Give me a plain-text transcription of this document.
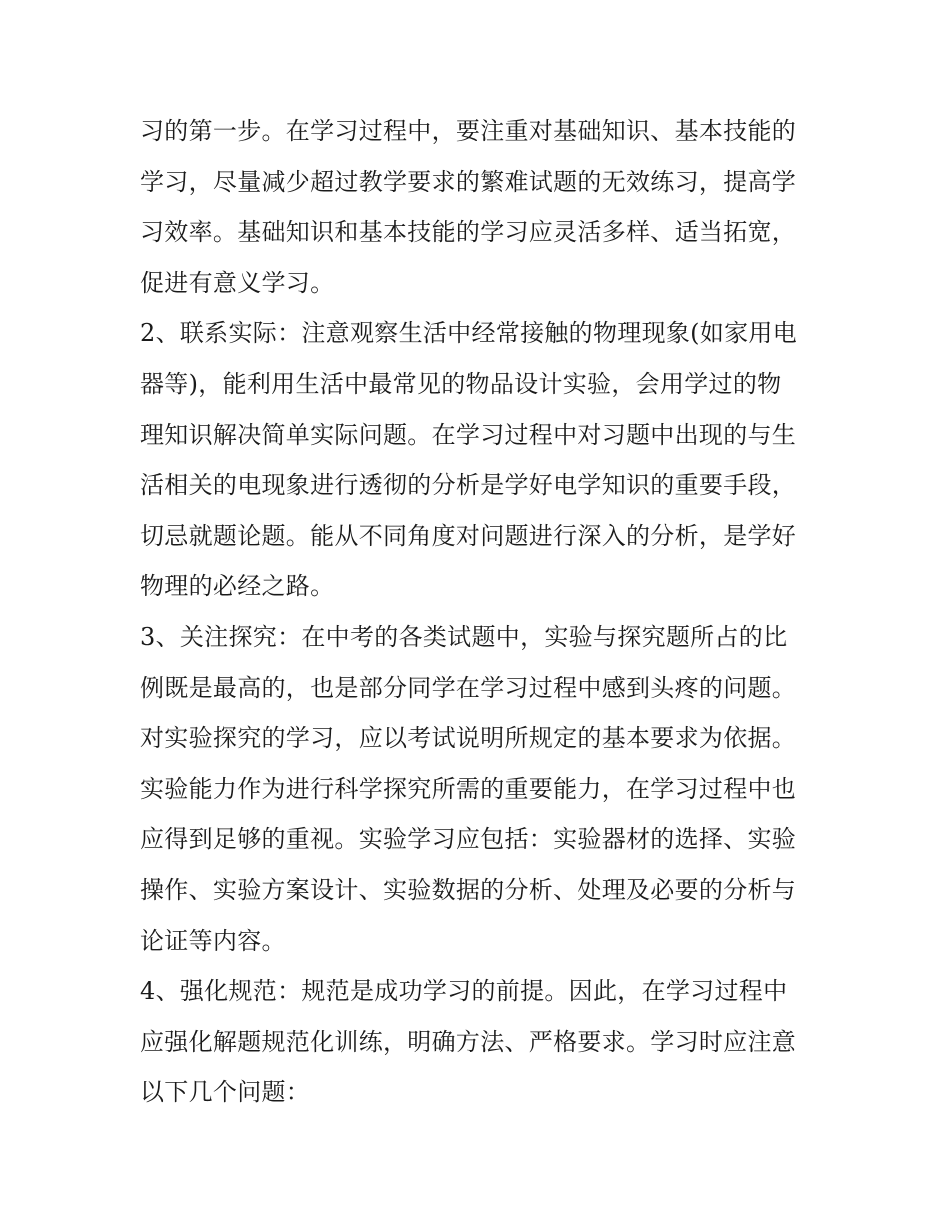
习的第一步。在学习过程中，要注重对基础知识、基本技能的
学习，尽量减少超过教学要求的繁难试题的无效练习，提高学
习效率。基础知识和基本技能的学习应灵活多样、适当拓宽，
促进有意义学习。
2、联系实际：注意观察生活中经常接触的物理现象(如家用电
器等)，能利用生活中最常见的物品设计实验，会用学过的物
理知识解决简单实际问题。在学习过程中对习题中出现的与生
活相关的电现象进行透彻的分析是学好电学知识的重要手段，
切忌就题论题。能从不同角度对问题进行深入的分析，是学好
物理的必经之路。
3、关注探究：在中考的各类试题中，实验与探究题所占的比
例既是最高的，也是部分同学在学习过程中感到头疼的问题。
对实验探究的学习，应以考试说明所规定的基本要求为依据。
实验能力作为进行科学探究所需的重要能力，在学习过程中也
应得到足够的重视。实验学习应包括：实验器材的选择、实验
操作、实验方案设计、实验数据的分析、处理及必要的分析与
论证等内容。
4、强化规范：规范是成功学习的前提。因此，在学习过程中
应强化解题规范化训练，明确方法、严格要求。学习时应注意
以下几个问题：
